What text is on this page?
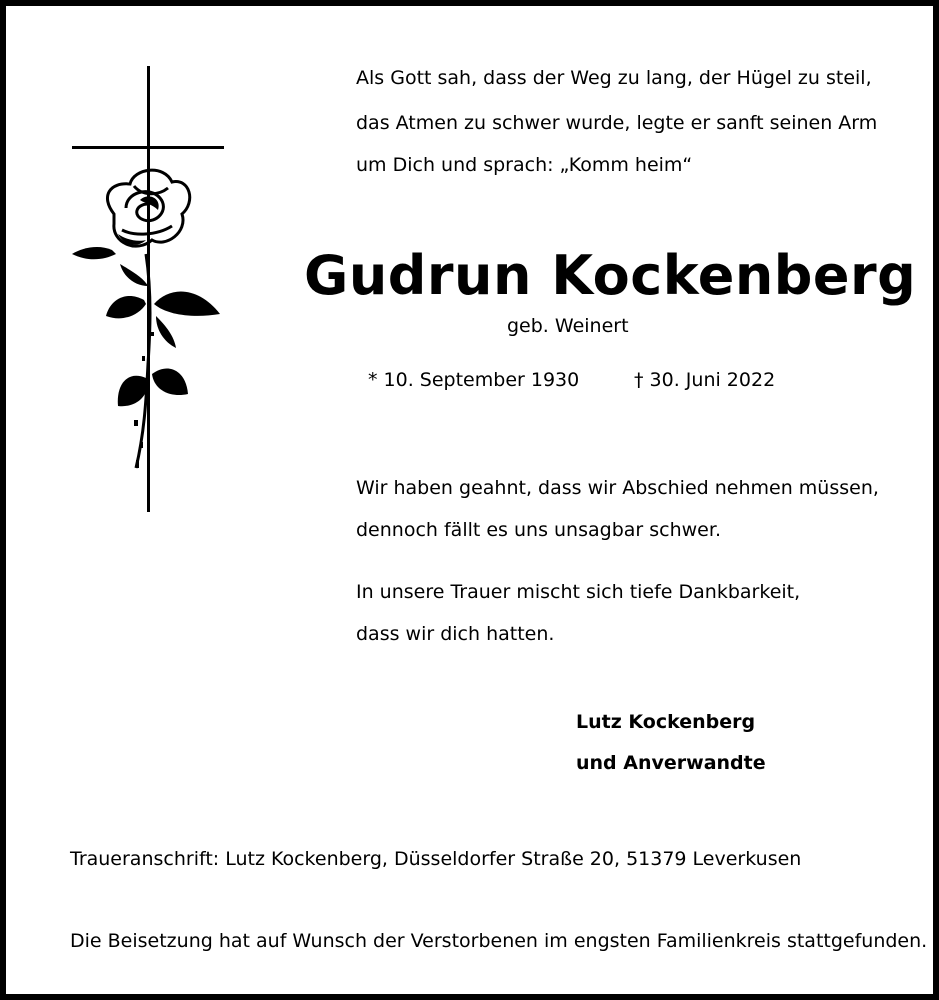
Als Gott sah, dass der Weg zu lang, der Hügel zu steil,
das Atmen zu schwer wurde, legte er sanft seinen Arm
um Dich und sprach: „Komm heim“
Gudrun Kockenberg
geb. Weinert
* 10. September 1930	† 30. Juni 2022
Wir haben geahnt, dass wir Abschied nehmen müssen,
dennoch fällt es uns unsagbar schwer.
In unsere Trauer mischt sich tiefe Dankbarkeit,
dass wir dich hatten.
Lutz Kockenberg
und Anverwandte
Traueranschrift: Lutz Kockenberg, Düsseldorfer Straße 20, 51379 Leverkusen
Die Beisetzung hat auf Wunsch der Verstorbenen im engsten Familienkreis stattgefunden.
